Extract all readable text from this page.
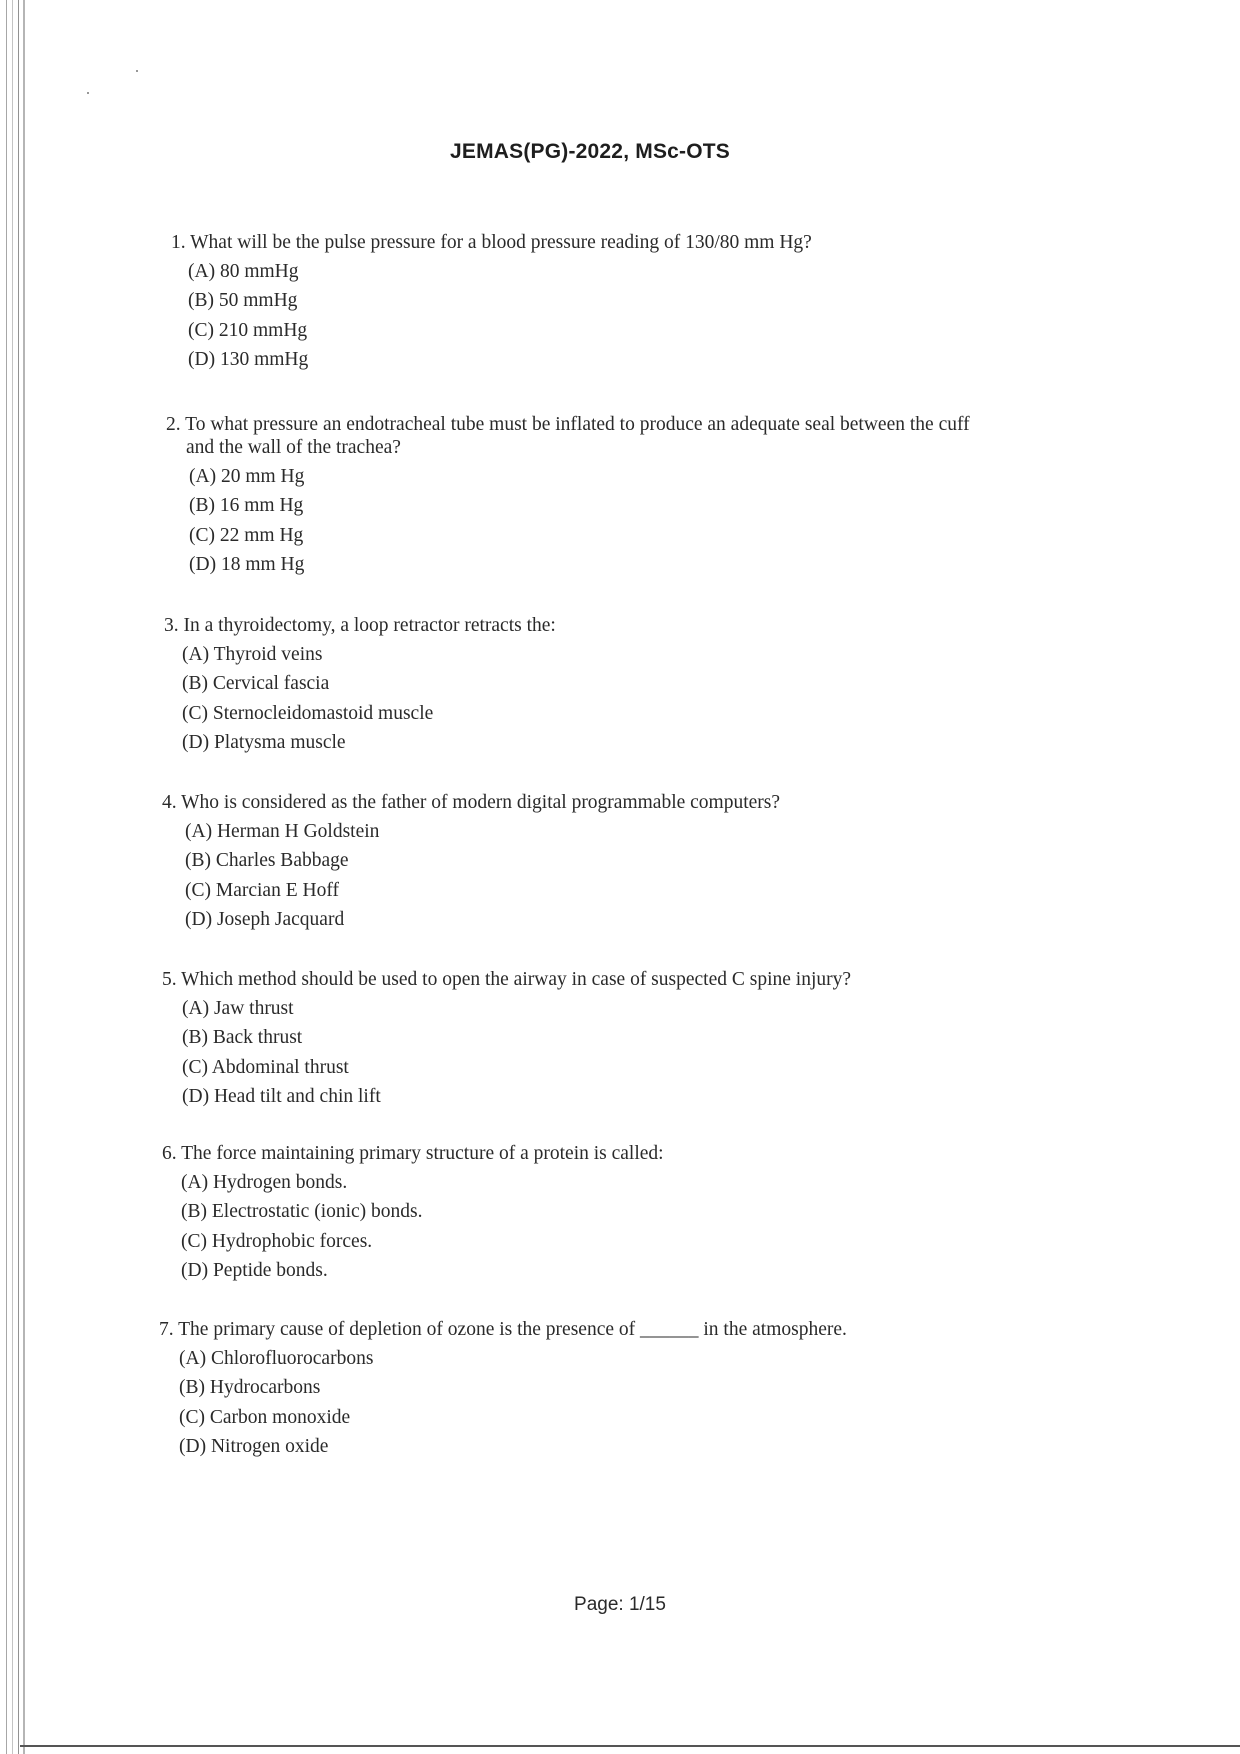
JEMAS(PG)-2022, MSc-OTS
1. What will be the pulse pressure for a blood pressure reading of 130/80 mm Hg?
(A) 80 mmHg
(B) 50 mmHg
(C) 210 mmHg
(D) 130 mmHg
2. To what pressure an endotracheal tube must be inflated to produce an adequate seal between the cuff
and the wall of the trachea?
(A) 20 mm Hg
(B) 16 mm Hg
(C) 22 mm Hg
(D) 18 mm Hg
3. In a thyroidectomy, a loop retractor retracts the:
(A) Thyroid veins
(B) Cervical fascia
(C) Sternocleidomastoid muscle
(D) Platysma muscle
4. Who is considered as the father of modern digital programmable computers?
(A) Herman H Goldstein
(B) Charles Babbage
(C) Marcian E Hoff
(D) Joseph Jacquard
5. Which method should be used to open the airway in case of suspected C spine injury?
(A) Jaw thrust
(B) Back thrust
(C) Abdominal thrust
(D) Head tilt and chin lift
6. The force maintaining primary structure of a protein is called:
(A) Hydrogen bonds.
(B) Electrostatic (ionic) bonds.
(C) Hydrophobic forces.
(D) Peptide bonds.
7. The primary cause of depletion of ozone is the presence of ______ in the atmosphere.
(A) Chlorofluorocarbons
(B) Hydrocarbons
(C) Carbon monoxide
(D) Nitrogen oxide
Page: 1/15
